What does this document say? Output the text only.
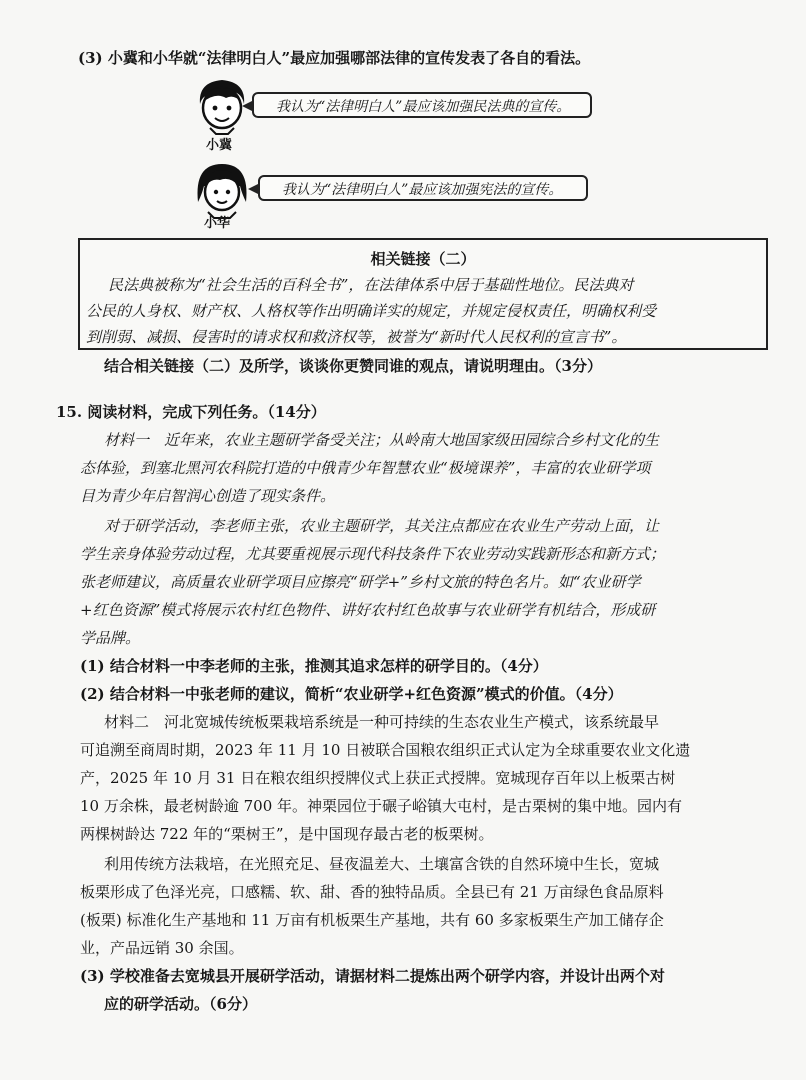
(3) 小冀和小华就“法律明白人”最应加强哪部法律的宣传发表了各自的看法。
小冀
我认为“法律明白人”最应该加强民法典的宣传。
小华
我认为“法律明白人”最应该加强宪法的宣传。
相关链接（二）
民法典被称为“社会生活的百科全书”，在法律体系中居于基础性地位。民法典对
公民的人身权、财产权、人格权等作出明确详实的规定，并规定侵权责任，明确权利受
到削弱、减损、侵害时的请求权和救济权等，被誉为“新时代人民权利的宣言书”。
结合相关链接（二）及所学，谈谈你更赞同谁的观点，请说明理由。（3分）
15. 阅读材料，完成下列任务。（14分）
材料一　近年来，农业主题研学备受关注；从岭南大地国家级田园综合乡村文化的生
态体验，到塞北黑河农科院打造的中俄青少年智慧农业“极境课养”，丰富的农业研学项
目为青少年启智润心创造了现实条件。
对于研学活动，李老师主张，农业主题研学，其关注点都应在农业生产劳动上面，让
学生亲身体验劳动过程，尤其要重视展示现代科技条件下农业劳动实践新形态和新方式；
张老师建议，高质量农业研学项目应擦亮“研学+”乡村文旅的特色名片。如“农业研学
+红色资源”模式将展示农村红色物件、讲好农村红色故事与农业研学有机结合，形成研
学品牌。
(1) 结合材料一中李老师的主张，推测其追求怎样的研学目的。（4分）
(2) 结合材料一中张老师的建议，简析“农业研学+红色资源”模式的价值。（4分）
材料二　河北宽城传统板栗栽培系统是一种可持续的生态农业生产模式，该系统最早
可追溯至商周时期，2023 年 11 月 10 日被联合国粮农组织正式认定为全球重要农业文化遗
产，2025 年 10 月 31 日在粮农组织授牌仪式上获正式授牌。宽城现存百年以上板栗古树
10 万余株，最老树龄逾 700 年。神栗园位于碾子峪镇大屯村，是古栗树的集中地。园内有
两棵树龄达 722 年的“栗树王”，是中国现存最古老的板栗树。
利用传统方法栽培，在光照充足、昼夜温差大、土壤富含铁的自然环境中生长，宽城
板栗形成了色泽光亮，口感糯、软、甜、香的独特品质。全县已有 21 万亩绿色食品原料
(板栗) 标准化生产基地和 11 万亩有机板栗生产基地，共有 60 多家板栗生产加工储存企
业，产品远销 30 余国。
(3) 学校准备去宽城县开展研学活动，请据材料二提炼出两个研学内容，并设计出两个对
应的研学活动。（6分）
